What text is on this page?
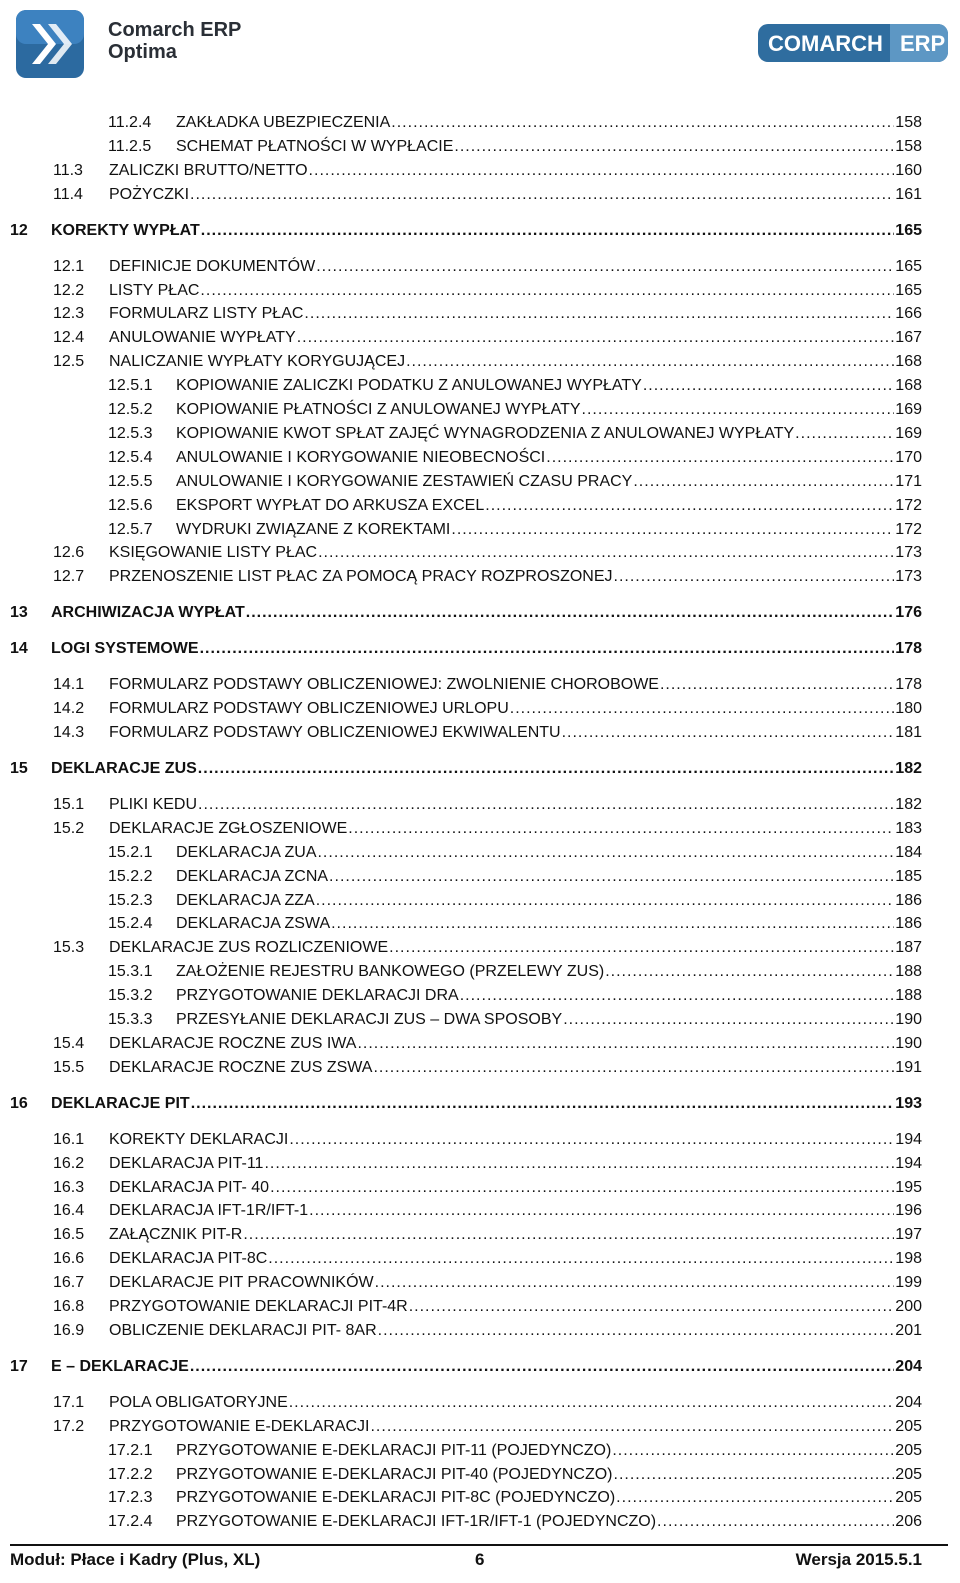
Comarch ERP
Optima	COMARCH ERP
11.2.4	ZAKŁADKA UBEZPIECZENIA .....	158
11.2.5	SCHEMAT PŁATNOŚCI W WYPŁACIE .....	158
11.3	ZALICZKI BRUTTO/NETTO .....	160
11.4	POŻYCZKI .....	161
12	KOREKTY WYPŁAT .....	165
12.1	DEFINICJE DOKUMENTÓW .....	165
12.2	LISTY PŁAC .....	165
12.3	FORMULARZ LISTY PŁAC .....	166
12.4	ANULOWANIE WYPŁATY .....	167
12.5	NALICZANIE WYPŁATY KORYGUJĄCEJ .....	168
12.5.1	KOPIOWANIE ZALICZKI PODATKU Z ANULOWANEJ WYPŁATY .....	168
12.5.2	KOPIOWANIE PŁATNOŚCI Z ANULOWANEJ WYPŁATY .....	169
12.5.3	KOPIOWANIE KWOT SPŁAT ZAJĘĆ WYNAGRODZENIA Z ANULOWANEJ WYPŁATY .....	169
12.5.4	ANULOWANIE I KORYGOWANIE NIEOBECNOŚCI .....	170
12.5.5	ANULOWANIE I KORYGOWANIE ZESTAWIEŃ CZASU PRACY .....	171
12.5.6	EKSPORT WYPŁAT DO ARKUSZA EXCEL .....	172
12.5.7	WYDRUKI ZWIĄZANE Z KOREKTAMI .....	172
12.6	KSIĘGOWANIE LISTY PŁAC .....	173
12.7	PRZENOSZENIE LIST PŁAC ZA POMOCĄ PRACY ROZPROSZONEJ .....	173
13	ARCHIWIZACJA WYPŁAT .....	176
14	LOGI SYSTEMOWE .....	178
14.1	FORMULARZ PODSTAWY OBLICZENIOWEJ: ZWOLNIENIE CHOROBOWE .....	178
14.2	FORMULARZ PODSTAWY OBLICZENIOWEJ URLOPU .....	180
14.3	FORMULARZ PODSTAWY OBLICZENIOWEJ EKWIWALENTU .....	181
15	DEKLARACJE ZUS .....	182
15.1	PLIKI KEDU .....	182
15.2	DEKLARACJE ZGŁOSZENIOWE .....	183
15.2.1	DEKLARACJA ZUA .....	184
15.2.2	DEKLARACJA ZCNA .....	185
15.2.3	DEKLARACJA ZZA .....	186
15.2.4	DEKLARACJA ZSWA .....	186
15.3	DEKLARACJE ZUS ROZLICZENIOWE .....	187
15.3.1	ZAŁOŻENIE REJESTRU BANKOWEGO (PRZELEWY ZUS) .....	188
15.3.2	PRZYGOTOWANIE DEKLARACJI DRA .....	188
15.3.3	PRZESYŁANIE DEKLARACJI ZUS – DWA SPOSOBY .....	190
15.4	DEKLARACJE ROCZNE ZUS IWA .....	190
15.5	DEKLARACJE ROCZNE ZUS ZSWA .....	191
16	DEKLARACJE PIT .....	193
16.1	KOREKTY DEKLARACJI .....	194
16.2	DEKLARACJA PIT-11 .....	194
16.3	DEKLARACJA PIT- 40 .....	195
16.4	DEKLARACJA IFT-1R/IFT-1 .....	196
16.5	ZAŁĄCZNIK PIT-R .....	197
16.6	DEKLARACJA PIT-8C .....	198
16.7	DEKLARACJE PIT PRACOWNIKÓW .....	199
16.8	PRZYGOTOWANIE DEKLARACJI PIT-4R .....	200
16.9	OBLICZENIE DEKLARACJI PIT- 8AR .....	201
17	E – DEKLARACJE .....	204
17.1	POLA OBLIGATORYJNE .....	204
17.2	PRZYGOTOWANIE E-DEKLARACJI .....	205
17.2.1	PRZYGOTOWANIE E-DEKLARACJI PIT-11 (POJEDYNCZO) .....	205
17.2.2	PRZYGOTOWANIE E-DEKLARACJI PIT-40 (POJEDYNCZO) .....	205
17.2.3	PRZYGOTOWANIE E-DEKLARACJI PIT-8C (POJEDYNCZO) .....	205
17.2.4	PRZYGOTOWANIE E-DEKLARACJI IFT-1R/IFT-1 (POJEDYNCZO) .....	206
Moduł: Płace i Kadry (Plus, XL)	6	Wersja 2015.5.1
